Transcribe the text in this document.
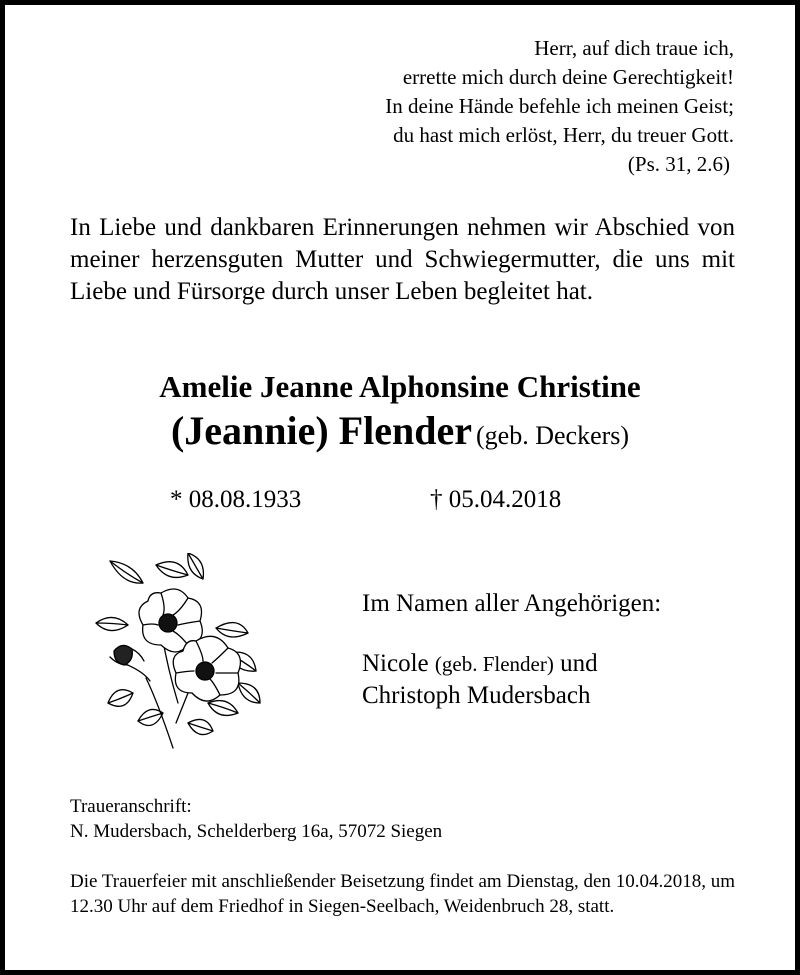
Herr, auf dich traue ich,
errette mich durch deine Gerechtigkeit!
In deine Hände befehle ich meinen Geist;
du hast mich erlöst, Herr, du treuer Gott.
(Ps. 31, 2.6)
In Liebe und dankbaren Erinnerungen nehmen wir Abschied von meiner herzensguten Mutter und Schwiegermutter, die uns mit Liebe und Fürsorge durch unser Leben begleitet hat.
Amelie Jeanne Alphonsine Christine
(Jeannie) Flender (geb. Deckers)
* 08.08.1933	† 05.04.2018
Im Namen aller Angehörigen:
Nicole (geb. Flender) und
Christoph Mudersbach
Traueranschrift:
N. Mudersbach, Schelderberg 16a, 57072 Siegen
Die Trauerfeier mit anschließender Beisetzung findet am Dienstag, den 10.04.2018, um 12.30 Uhr auf dem Friedhof in Siegen-Seelbach, Weidenbruch 28, statt.
